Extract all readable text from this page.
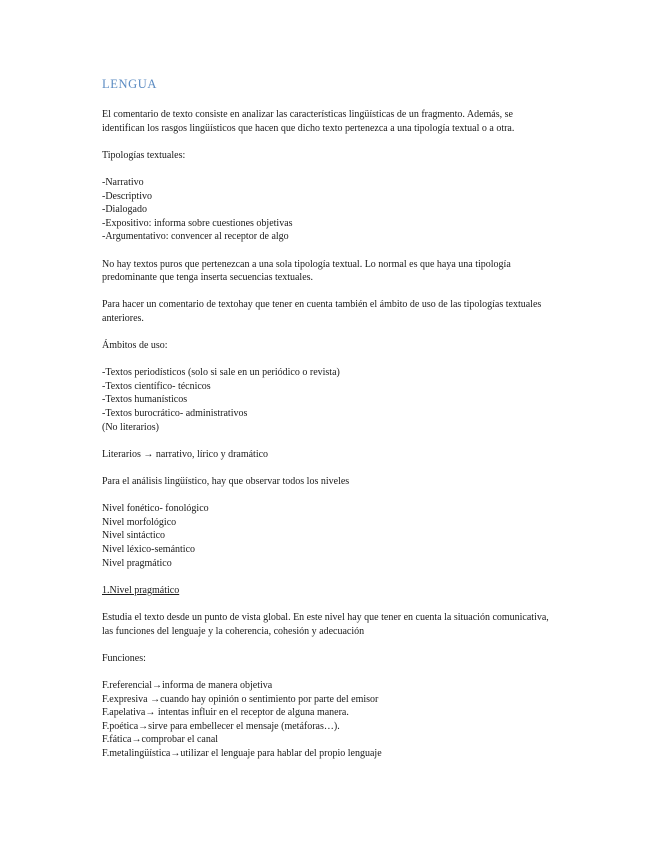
LENGUA

El comentario de texto consiste en analizar las características lingüísticas de un fragmento. Además, se identifican los rasgos lingüísticos que hacen que dicho texto pertenezca a una tipología textual o a otra.

Tipologías textuales:

-Narrativo
-Descriptivo
-Dialogado
-Expositivo: informa sobre cuestiones objetivas
-Argumentativo: convencer al receptor de algo

No hay textos puros que pertenezcan a una sola tipología textual. Lo normal es que haya una tipología predominante que tenga inserta secuencias textuales.

Para hacer un comentario de textohay que tener en cuenta también el ámbito de uso de las tipologías textuales anteriores.

Ámbitos de uso:

-Textos periodísticos (solo si sale en un periódico o revista)
-Textos científico- técnicos
-Textos humanísticos
-Textos burocrático- administrativos
(No literarios)

Literarios → narrativo, lírico y dramático

Para el análisis lingüístico, hay que observar todos los niveles

Nivel fonético- fonológico
Nivel morfológico
Nivel sintáctico
Nivel léxico-semántico
Nivel pragmático

1.Nivel pragmático

Estudia el texto desde un punto de vista global. En este nivel hay que tener en cuenta la situación comunicativa, las funciones del lenguaje y la coherencia, cohesión y adecuación

Funciones:

F.referencial→informa de manera objetiva
F.expresiva →cuando hay opinión o sentimiento por parte del emisor
F.apelativa→ intentas influir en el receptor de alguna manera.
F.poética→sirve para embellecer el mensaje (metáforas…).
F.fática→comprobar el canal
F.metalingüística→utilizar el lenguaje para hablar del propio lenguaje
